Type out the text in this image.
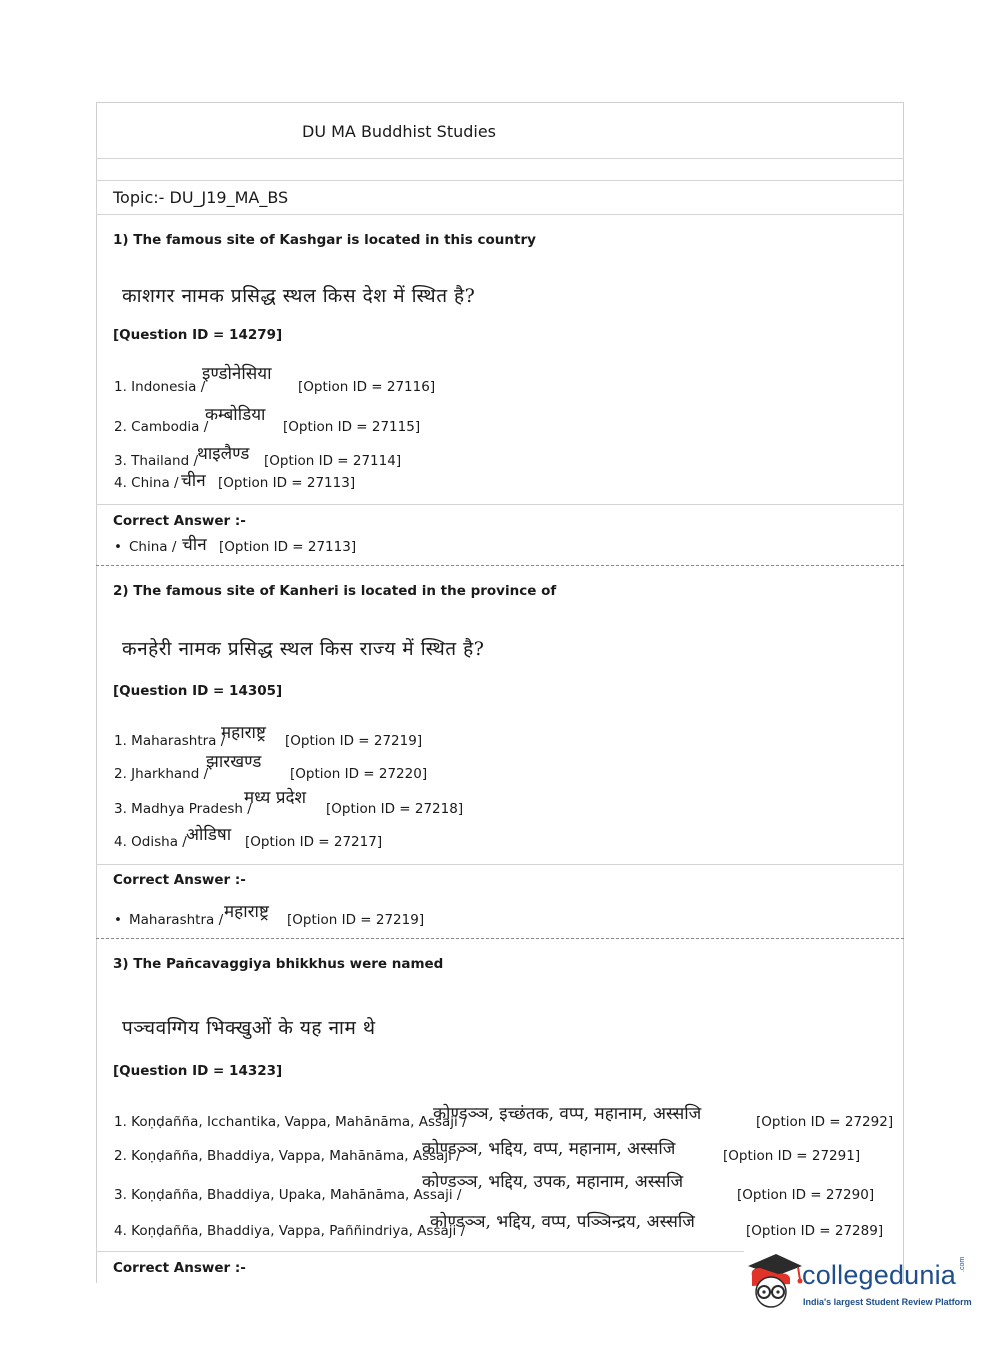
DU MA Buddhist Studies
Topic:- DU_J19_MA_BS
1) The famous site of Kashgar is located in this country
काशगर नामक प्रसिद्ध स्थल किस देश में स्थित है?
[Question ID = 14279]
1. Indonesia /
इण्डोनेसिया
[Option ID = 27116]
2. Cambodia /
कम्बोडिया
[Option ID = 27115]
3. Thailand / थाइलैण्ड [Option ID = 27114]
4. China / चीन [Option ID = 27113]
Correct Answer :-
• China / चीन [Option ID = 27113]
2) The famous site of Kanheri is located in the province of
कनहेरी नामक प्रसिद्ध स्थल किस राज्य में स्थित है?
[Question ID = 14305]
1. Maharashtra /
महाराष्ट्र [Option ID = 27219]
2. Jharkhand /
झारखण्ड
[Option ID = 27220]
3. Madhya Pradesh /
मध्य प्रदेश
[Option ID = 27218]
4. Odisha / ओडिषा [Option ID = 27217]
Correct Answer :-
• Maharashtra / महाराष्ट्र [Option ID = 27219]
3) The Pañcavaggiya bhikkhus were named
पञ्चवग्गिय भिक्खुओं के यह नाम थे
[Question ID = 14323]
1. Koṇḍañña, Icchantika, Vappa, Mahānāma, Assaji /
कोण्डञ्ञ, इच्छंतक, वप्प, महानाम, अस्सजि	[Option ID = 27292]
2. Koṇḍañña, Bhaddiya, Vappa, Mahānāma, Assaji /
कोण्डञ्ञ, भद्दिय, वप्प, महानाम, अस्सजि	[Option ID = 27291]
3. Koṇḍañña, Bhaddiya, Upaka, Mahānāma, Assaji /
कोण्डञ्ञ, भद्दिय, उपक, महानाम, अस्सजि
[Option ID = 27290]
4. Koṇḍañña, Bhaddiya, Vappa, Paññindriya, Assaji /
कोण्डञ्ञ, भद्दिय, वप्प, पञ्ञिन्द्रय, अस्सजि	[Option ID = 27289]
Correct Answer :-	collegedunia .com
India's largest Student Review Platform
